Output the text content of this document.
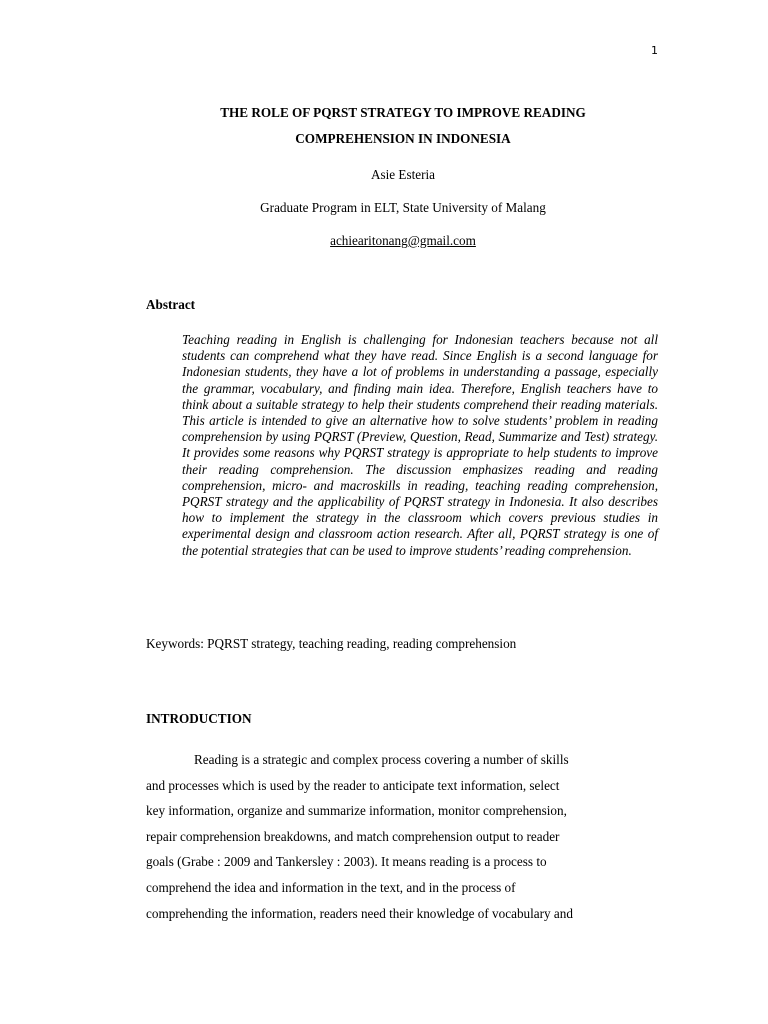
1
THE ROLE OF PQRST STRATEGY TO IMPROVE READING
COMPREHENSION IN INDONESIA
Asie Esteria
Graduate Program in ELT, State University of Malang
achiearitonang@gmail.com
Abstract

Teaching reading in English is challenging for Indonesian teachers because not all students can comprehend what they have read. Since English is a second language for Indonesian students, they have a lot of problems in understanding a passage, especially the grammar, vocabulary, and finding main idea. Therefore, English teachers have to think about a suitable strategy to help their students comprehend their reading materials. This article is intended to give an alternative how to solve students’ problem in reading comprehension by using PQRST (Preview, Question, Read, Summarize and Test) strategy. It provides some reasons why PQRST strategy is appropriate to help students to improve their reading comprehension. The discussion emphasizes reading and reading comprehension, micro- and macroskills in reading, teaching reading comprehension, PQRST strategy and the applicability of PQRST strategy in Indonesia. It also describes how to implement the strategy in the classroom which covers previous studies in experimental design and classroom action research. After all, PQRST strategy is one of the potential strategies that can be used to improve students’ reading comprehension.

Keywords: PQRST strategy, teaching reading, reading comprehension
INTRODUCTION
Reading is a strategic and complex process covering a number of skills
and processes which is used by the reader to anticipate text information, select
key information, organize and summarize information, monitor comprehension,
repair comprehension breakdowns, and match comprehension output to reader
goals (Grabe : 2009 and Tankersley : 2003). It means reading is a process to
comprehend the idea and information in the text, and in the process of
comprehending the information, readers need their knowledge of vocabulary and
